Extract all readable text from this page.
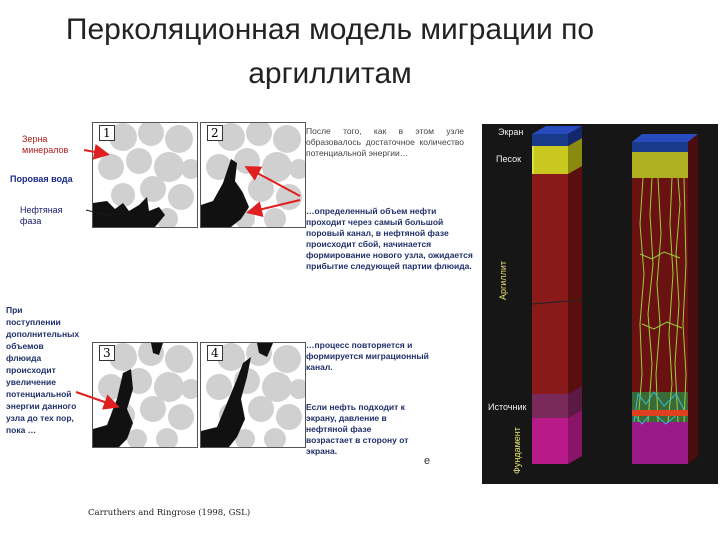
Перколяционная модель миграции по аргиллитам
Зерна минералов
Поровая вода
Нефтяная фаза
1	2
3	4
При поступлении дополнительных объемов флюида происходит увеличение потенциальной энергии данного узла до тех пор, пока …
После того, как в этом узле образовалось достаточное количество потенциальной энергии…
…определенный объем нефти проходит через самый большой поровый канал, в нефтяной фазе происходит сбой, начинается формирование нового узла, ожидается прибытие следующей партии флюида.
…процесс повторяется и формируется миграционный канал.
Если нефть подходит к экрану, давление в нефтяной фазе возрастает в сторону от экрана.
е
Carruthers and Ringrose (1998, GSL)
Экран
Песок
Аргиллит
Источник
Фундамент
